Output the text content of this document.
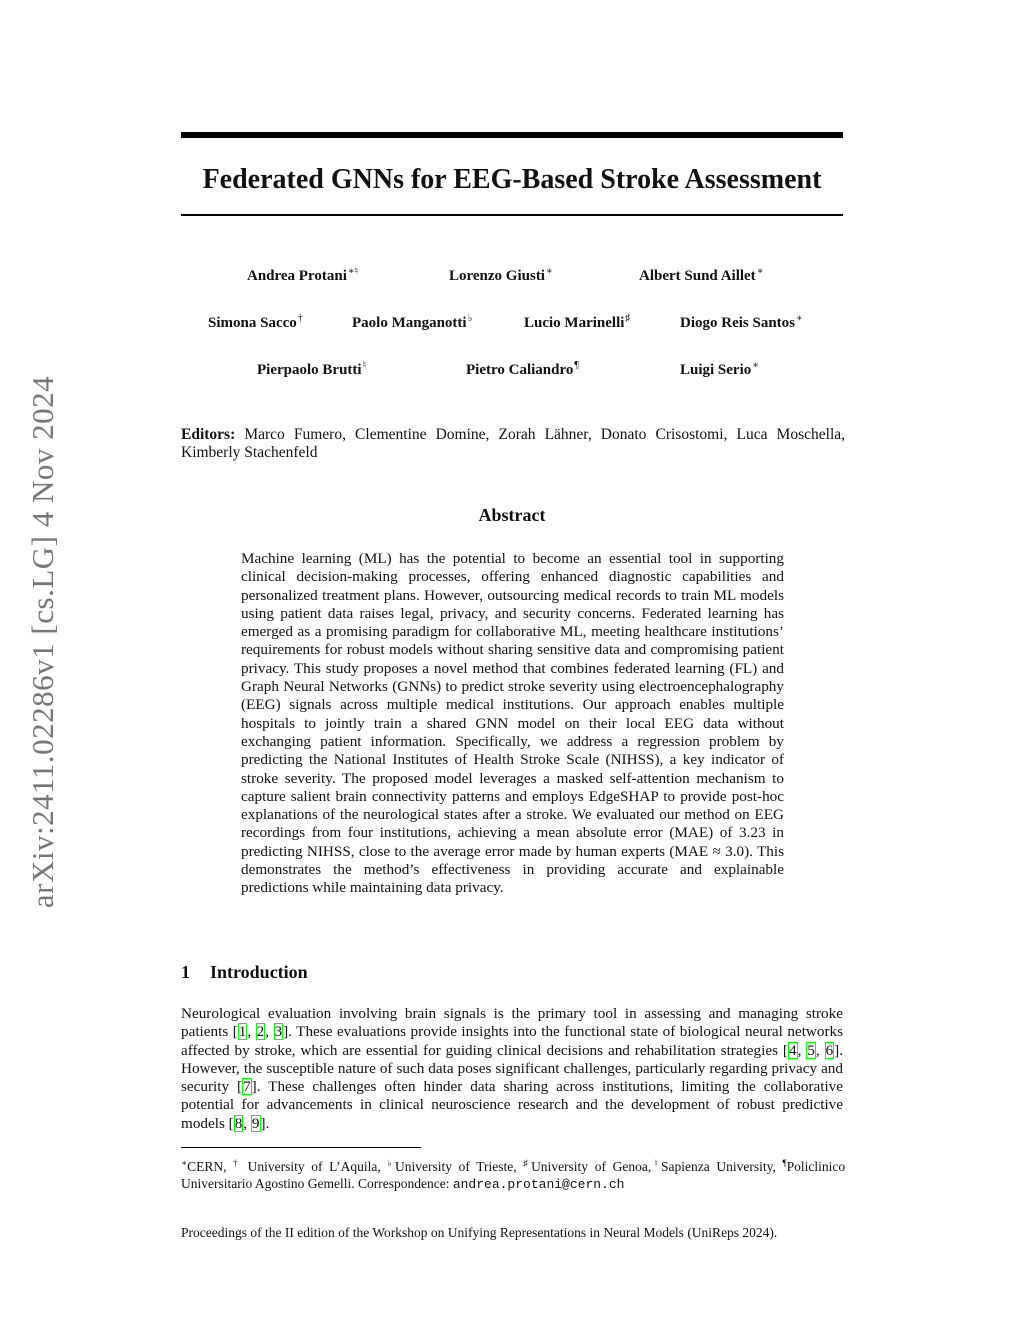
arXiv:2411.02286v1 [cs.LG] 4 Nov 2024
Federated GNNs for EEG-Based Stroke Assessment
Andrea Protani∗♮	Lorenzo Giusti∗	Albert Sund Aillet∗
Simona Sacco†	Paolo Manganotti♭	Lucio Marinelli♯	Diogo Reis Santos∗
Pierpaolo Brutti♮	Pietro Caliandro¶	Luigi Serio∗
Editors: Marco Fumero, Clementine Domine, Zorah Lähner, Donato Crisostomi, Luca Moschella, Kimberly Stachenfeld
Abstract
Machine learning (ML) has the potential to become an essential tool in supporting clinical decision-making processes, offering enhanced diagnostic capabilities and personalized treatment plans. However, outsourcing medical records to train ML models using patient data raises legal, privacy, and security concerns. Federated learning has emerged as a promising paradigm for collaborative ML, meeting healthcare institutions’ requirements for robust models without sharing sensitive data and compromising patient privacy. This study proposes a novel method that combines federated learning (FL) and Graph Neural Networks (GNNs) to predict stroke severity using electroencephalography (EEG) signals across multiple medical institutions. Our approach enables multiple hospitals to jointly train a shared GNN model on their local EEG data without exchanging patient information. Specifically, we address a regression problem by predicting the National Institutes of Health Stroke Scale (NIHSS), a key indicator of stroke severity. The proposed model leverages a masked self-attention mechanism to capture salient brain connectivity patterns and employs EdgeSHAP to provide post-hoc explanations of the neurological states after a stroke. We evaluated our method on EEG recordings from four institutions, achieving a mean absolute error (MAE) of 3.23 in predicting NIHSS, close to the average error made by human experts (MAE ≈ 3.0). This demonstrates the method’s effectiveness in providing accurate and explainable predictions while maintaining data privacy.
1 Introduction
Neurological evaluation involving brain signals is the primary tool in assessing and managing stroke patients [1, 2, 3]. These evaluations provide insights into the functional state of biological neural networks affected by stroke, which are essential for guiding clinical decisions and rehabilitation strategies [4, 5, 6]. However, the susceptible nature of such data poses significant challenges, particularly regarding privacy and security [7]. These challenges often hinder data sharing across institutions, limiting the collaborative potential for advancements in clinical neuroscience research and the development of robust predictive models [8, 9].
∗CERN, † University of L’Aquila, ♭University of Trieste, ♯University of Genoa,♮Sapienza University, ¶Policlinico Universitario Agostino Gemelli. Correspondence: andrea.protani@cern.ch
Proceedings of the II edition of the Workshop on Unifying Representations in Neural Models (UniReps 2024).
